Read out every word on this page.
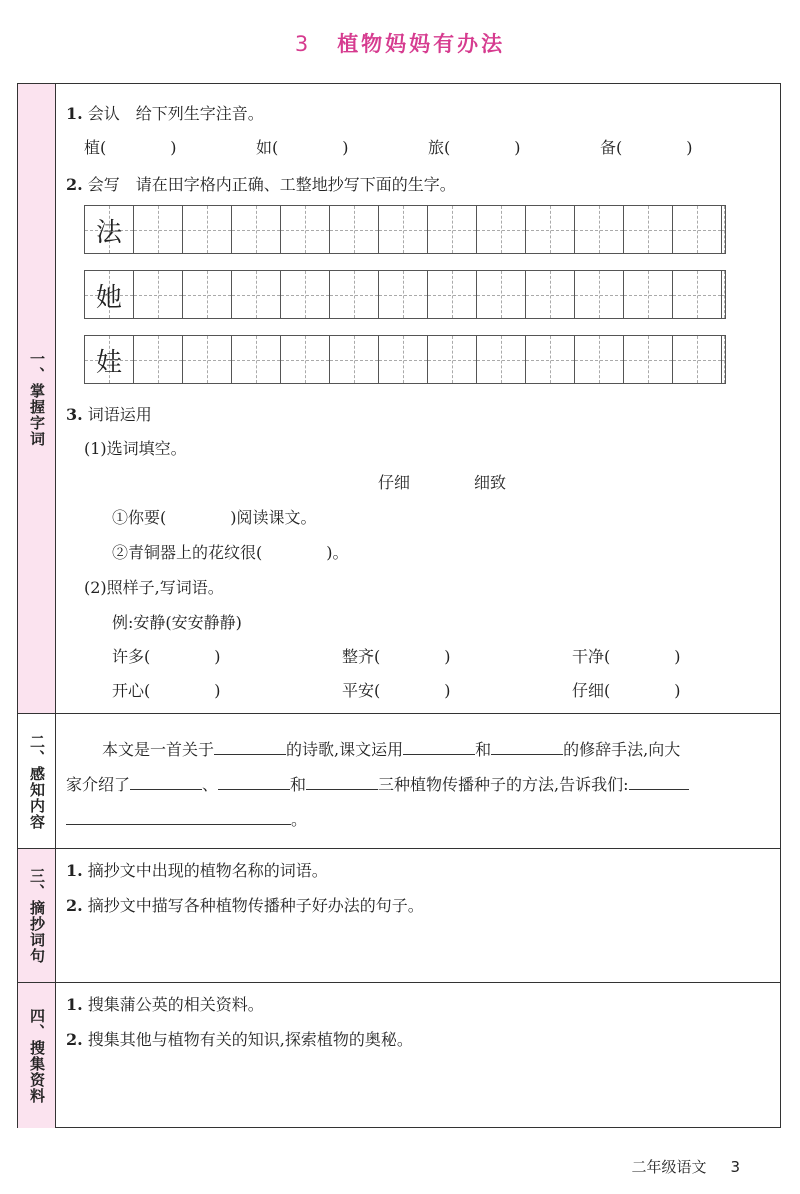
3 植物妈妈有办法
一、掌握字词
1. 会认　给下列生字注音。
植(　　　　)	如(　　　　)	旅(　　　　)	备(　　　　)
2. 会写　请在田字格内正确、工整地抄写下面的生字。
法
她
娃
3. 词语运用
(1)选词填空。
仔细	细致
①你要(　　　　)阅读课文。
②青铜器上的花纹很(　　　　)。
(2)照样子,写词语。
例:安静(安安静静)
许多(　　　　)	整齐(　　　　)	干净(　　　　)
开心(　　　　)	平安(　　　　)	仔细(　　　　)
二、感知内容	本文是一首关于	的诗歌,课文运用	和	的修辞手法,向大
家介绍了	、	和	三种植物传播种子的方法,告诉我们:
。
三、摘抄词句	1. 摘抄文中出现的植物名称的词语。
2. 摘抄文中描写各种植物传播种子好办法的句子。
四、搜集资料
1. 搜集蒲公英的相关资料。
2. 搜集其他与植物有关的知识,探索植物的奥秘。
二年级语文 3
